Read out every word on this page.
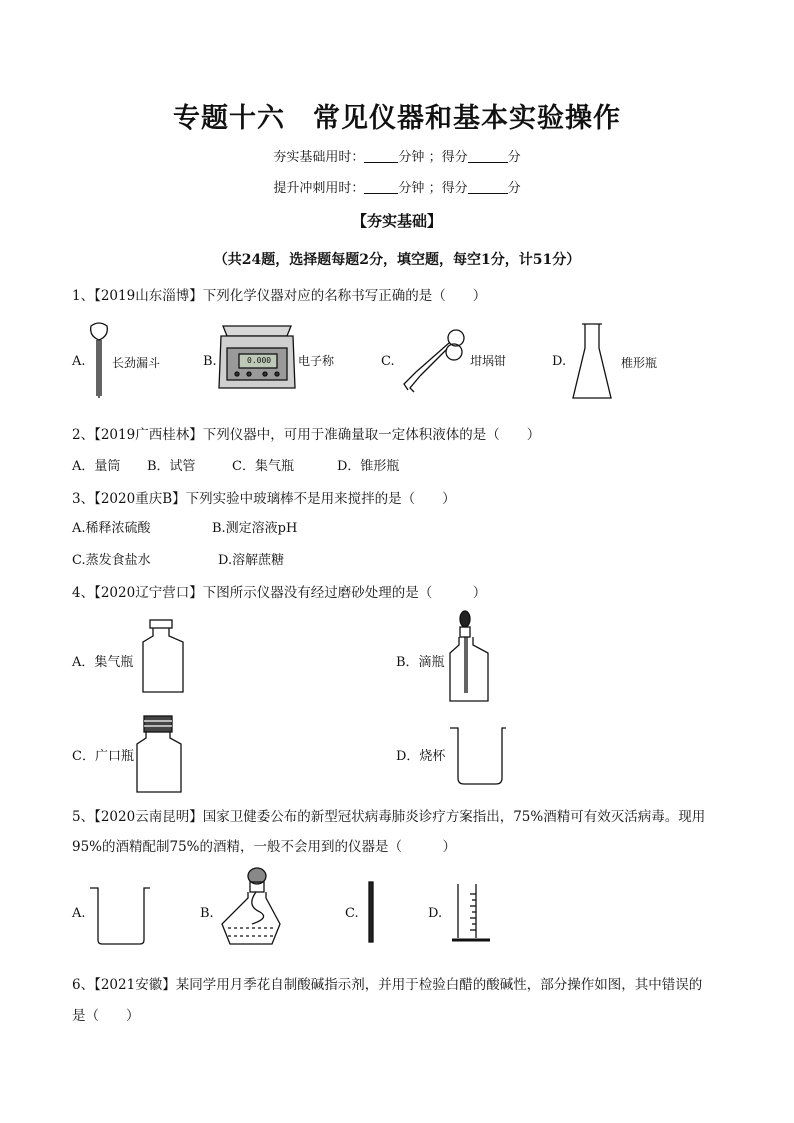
专题十六　常见仪器和基本实验操作
夯实基础用时：	分钟 ；得分	分
提升冲刺用时：	分钟 ；得分	分
【夯实基础】
（共24题，选择题每题2分，填空题，每空1分，计51分）
1、【2019山东淄博】下列化学仪器对应的名称书写正确的是（　　）
A. 长劲漏斗	B.	0.000 电子称	C.	坩埚钳	D.	椎形瓶
2、【2019广西桂林】下列仪器中，可用于准确量取一定体积液体的是（　　）
A．量筒 B．试管	C．集气瓶	D．锥形瓶
3、【2020重庆B】下列实验中玻璃棒不是用来搅拌的是（　　）
A.稀释浓硫酸	B.测定溶液pH
C.蒸发食盐水	D.溶解蔗糖
4、【2020辽宁营口】下图所示仪器没有经过磨砂处理的是（　　　）
A．集气瓶	B．滴瓶
C．广口瓶	D．烧杯
5、【2020云南昆明】国家卫健委公布的新型冠状病毒肺炎诊疗方案指出，75%酒精可有效灭活病毒。现用
95%的酒精配制75%的酒精，一般不会用到的仪器是（　　　）
A.	B.	C.	D.
6、【2021安徽】某同学用月季花自制酸碱指示剂，并用于检验白醋的酸碱性，部分操作如图，其中错误的
是（　　）
